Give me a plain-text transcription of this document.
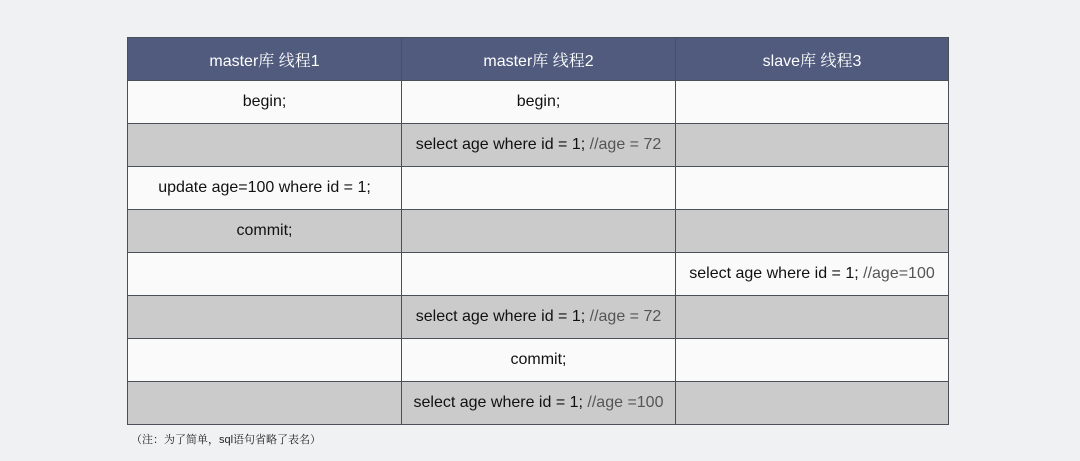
master库 线程1	master库 线程2	slave库 线程3
begin;	begin;	
	select age where id = 1; //age = 72	
update age=100 where id = 1;		
commit;		
		select age where id = 1; //age=100
	select age where id = 1; //age = 72	
	commit;	
	select age where id = 1; //age =100	
（注：为了简单，sql语句省略了表名）
